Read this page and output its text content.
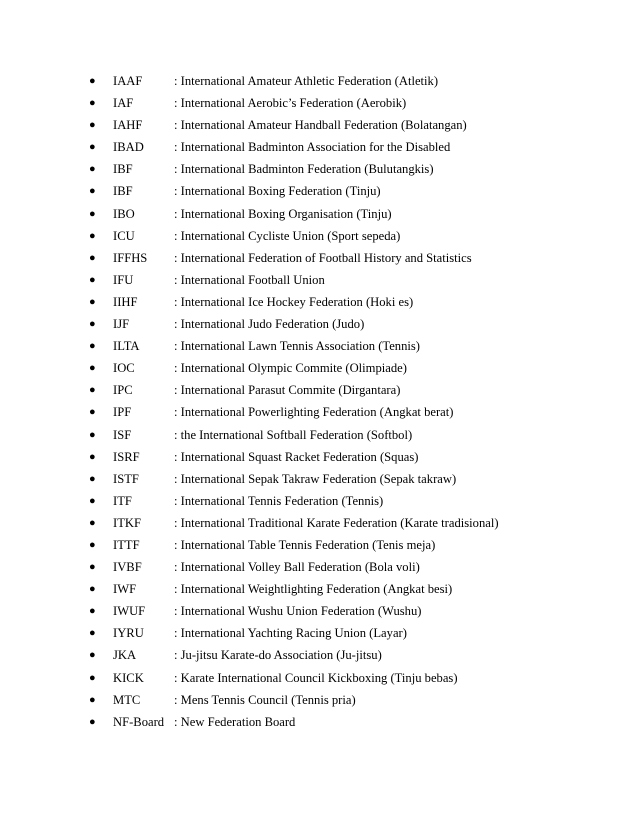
● IAAF	: International Amateur Athletic Federation (Atletik)
● IAF	: International Aerobic’s Federation (Aerobik)
● IAHF	: International Amateur Handball Federation (Bolatangan)
● IBAD : International Badminton Association for the Disabled
● IBF	: International Badminton Federation (Bulutangkis)
● IBF	: International Boxing Federation (Tinju)
● IBO	: International Boxing Organisation (Tinju)
● ICU	: International Cycliste Union (Sport sepeda)
● IFFHS : International Federation of Football History and Statistics
● IFU	: International Football Union
● IIHF	: International Ice Hockey Federation (Hoki es)
● IJF	: International Judo Federation (Judo)
● ILTA	: International Lawn Tennis Association (Tennis)
● IOC	: International Olympic Commite (Olimpiade)
● IPC	: International Parasut Commite (Dirgantara)
● IPF	: International Powerlighting Federation (Angkat berat)
● ISF	: the International Softball Federation (Softbol)
● ISRF	: International Squast Racket Federation (Squas)
● ISTF	: International Sepak Takraw Federation (Sepak takraw)
● ITF	: International Tennis Federation (Tennis)
● ITKF	: International Traditional Karate Federation (Karate tradisional)
● ITTF	: International Table Tennis Federation (Tenis meja)
● IVBF	: International Volley Ball Federation (Bola voli)
● IWF	: International Weightlighting Federation (Angkat besi)
● IWUF : International Wushu Union Federation (Wushu)
● IYRU : International Yachting Racing Union (Layar)
● JKA	: Ju-jitsu Karate-do Association (Ju-jitsu)
● KICK : Karate International Council Kickboxing (Tinju bebas)
● MTC	: Mens Tennis Council (Tennis pria)
● NF-Board : New Federation Board
